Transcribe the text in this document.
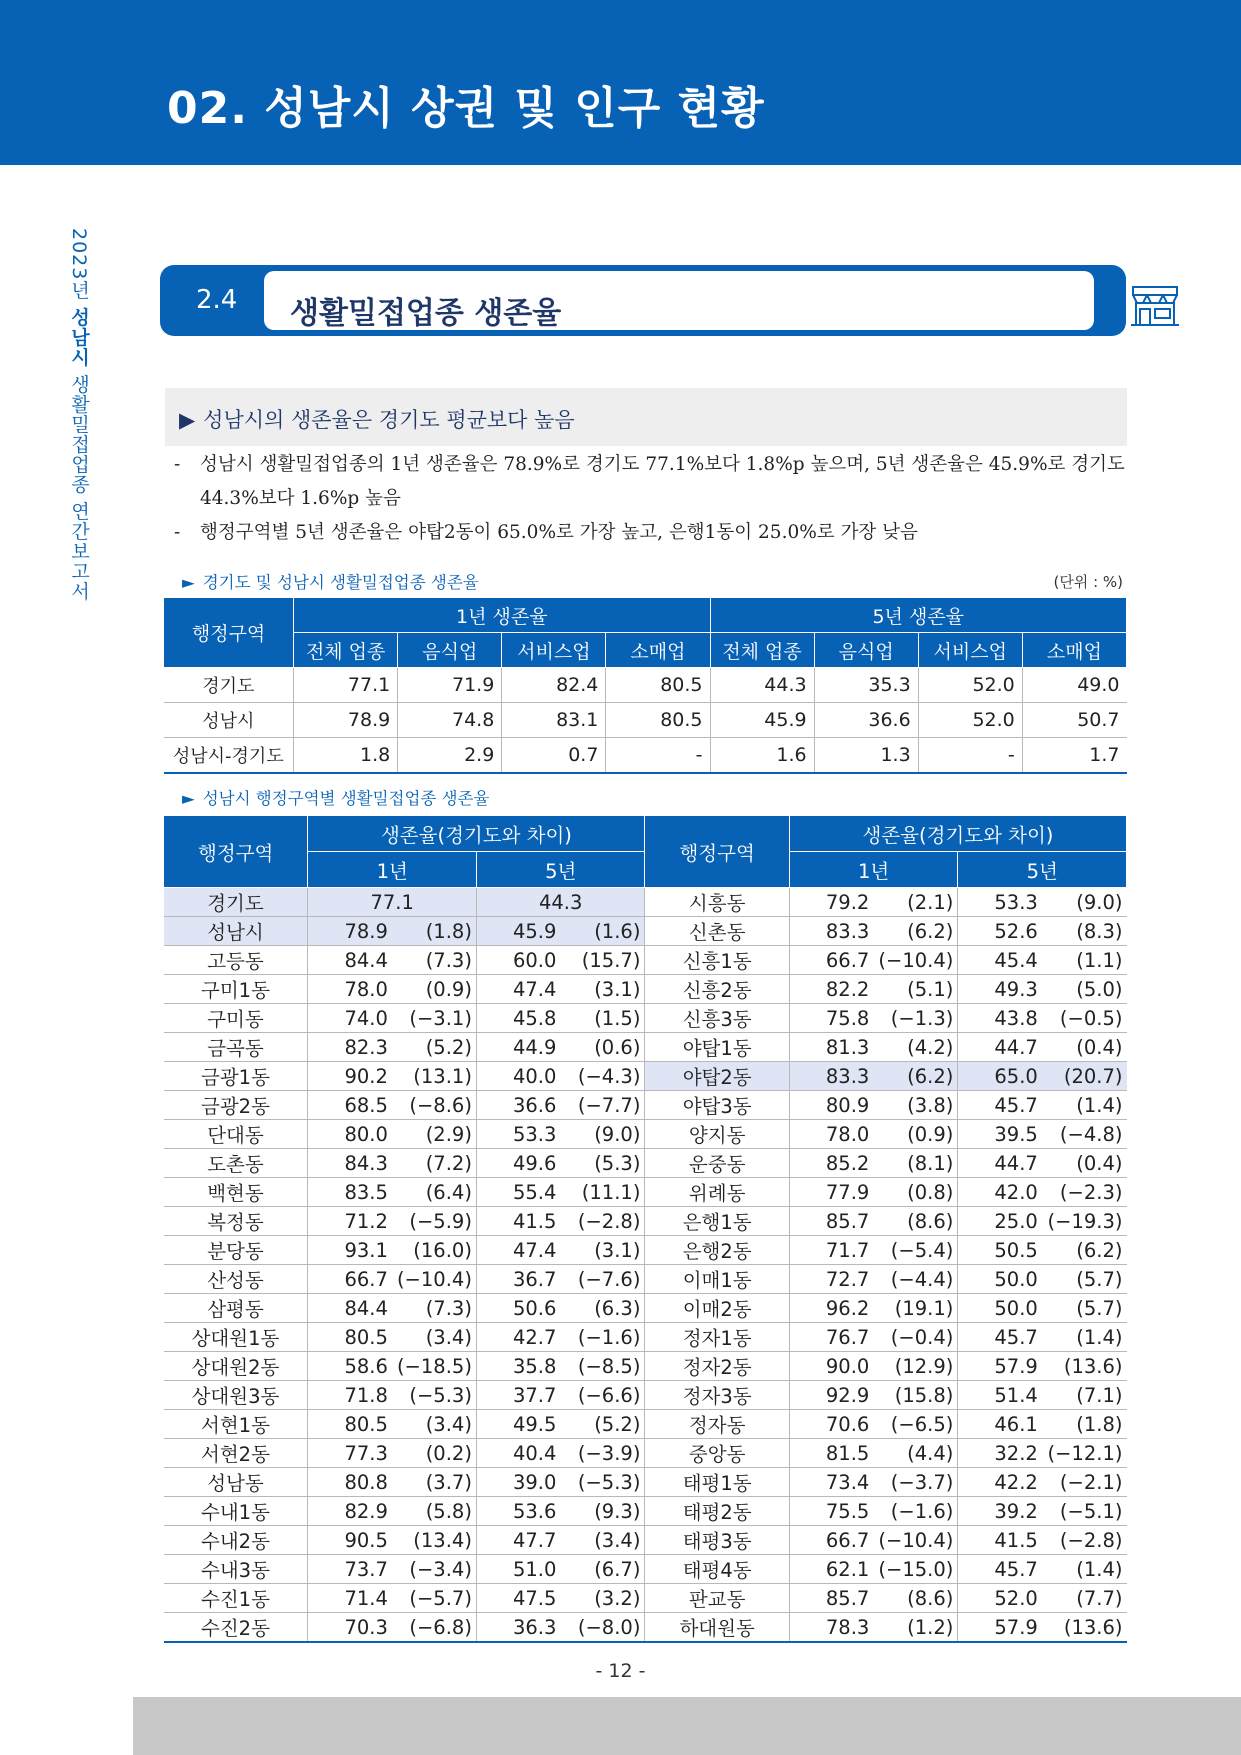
02. 성남시 상권 및 인구 현황
2023년 성남시 생활밀접업종 연간보고서
2.4 생활밀접업종 생존율
▶ 성남시의 생존율은 경기도 평균보다 높음

- 성남시 생활밀접업종의 1년 생존율은 78.9%로 경기도 77.1%보다 1.8%p 높으며, 5년 생존율은 45.9%로 경기도 44.3%보다 1.6%p 높음

- 행정구역별 5년 생존율은 야탑2동이 65.0%로 가장 높고, 은행1동이 25.0%로 가장 낮음

► 경기도 및 성남시 생활밀접업종 생존율	(단위 : %)
행정구역	1년 생존율				5년 생존율			
	전체 업종	음식업	서비스업	소매업	전체 업종	음식업	서비스업	소매업
경기도	77.1	71.9	82.4	80.5	44.3	35.3	52.0	49.0
성남시	78.9	74.8	83.1	80.5	45.9	36.6	52.0	50.7
성남시-경기도	1.8	2.9	0.7	-	1.6	1.3	-	1.7
► 성남시 행정구역별 생활밀접업종 생존율
행정구역	생존율(경기도와 차이)				행정구역	생존율(경기도와 차이)			
	1년		5년			1년		5년	
경기도	77.1		44.3		시흥동	79.2	(2.1)	53.3	(9.0)
성남시	78.9	(1.8)	45.9	(1.6)	신촌동	83.3	(6.2)	52.6	(8.3)
고등동	84.4	(7.3)	60.0	(15.7)	신흥1동	66.7	(−10.4)	45.4	(1.1)
구미1동	78.0	(0.9)	47.4	(3.1)	신흥2동	82.2	(5.1)	49.3	(5.0)
구미동	74.0	(−3.1)	45.8	(1.5)	신흥3동	75.8	(−1.3)	43.8	(−0.5)
금곡동	82.3	(5.2)	44.9	(0.6)	야탑1동	81.3	(4.2)	44.7	(0.4)
금광1동	90.2	(13.1)	40.0	(−4.3)	야탑2동	83.3	(6.2)	65.0	(20.7)
금광2동	68.5	(−8.6)	36.6	(−7.7)	야탑3동	80.9	(3.8)	45.7	(1.4)
단대동	80.0	(2.9)	53.3	(9.0)	양지동	78.0	(0.9)	39.5	(−4.8)
도촌동	84.3	(7.2)	49.6	(5.3)	운중동	85.2	(8.1)	44.7	(0.4)
백현동	83.5	(6.4)	55.4	(11.1)	위례동	77.9	(0.8)	42.0	(−2.3)
복정동	71.2	(−5.9)	41.5	(−2.8)	은행1동	85.7	(8.6)	25.0	(−19.3)
분당동	93.1	(16.0)	47.4	(3.1)	은행2동	71.7	(−5.4)	50.5	(6.2)
산성동	66.7	(−10.4)	36.7	(−7.6)	이매1동	72.7	(−4.4)	50.0	(5.7)
삼평동	84.4	(7.3)	50.6	(6.3)	이매2동	96.2	(19.1)	50.0	(5.7)
상대원1동	80.5	(3.4)	42.7	(−1.6)	정자1동	76.7	(−0.4)	45.7	(1.4)
상대원2동	58.6	(−18.5)	35.8	(−8.5)	정자2동	90.0	(12.9)	57.9	(13.6)
상대원3동	71.8	(−5.3)	37.7	(−6.6)	정자3동	92.9	(15.8)	51.4	(7.1)
서현1동	80.5	(3.4)	49.5	(5.2)	정자동	70.6	(−6.5)	46.1	(1.8)
서현2동	77.3	(0.2)	40.4	(−3.9)	중앙동	81.5	(4.4)	32.2	(−12.1)
성남동	80.8	(3.7)	39.0	(−5.3)	태평1동	73.4	(−3.7)	42.2	(−2.1)
수내1동	82.9	(5.8)	53.6	(9.3)	태평2동	75.5	(−1.6)	39.2	(−5.1)
수내2동	90.5	(13.4)	47.7	(3.4)	태평3동	66.7	(−10.4)	41.5	(−2.8)
수내3동	73.7	(−3.4)	51.0	(6.7)	태평4동	62.1	(−15.0)	45.7	(1.4)
수진1동	71.4	(−5.7)	47.5	(3.2)	판교동	85.7	(8.6)	52.0	(7.7)
수진2동	70.3	(−6.8)	36.3	(−8.0)	하대원동	78.3	(1.2)	57.9	(13.6)
- 12 -
